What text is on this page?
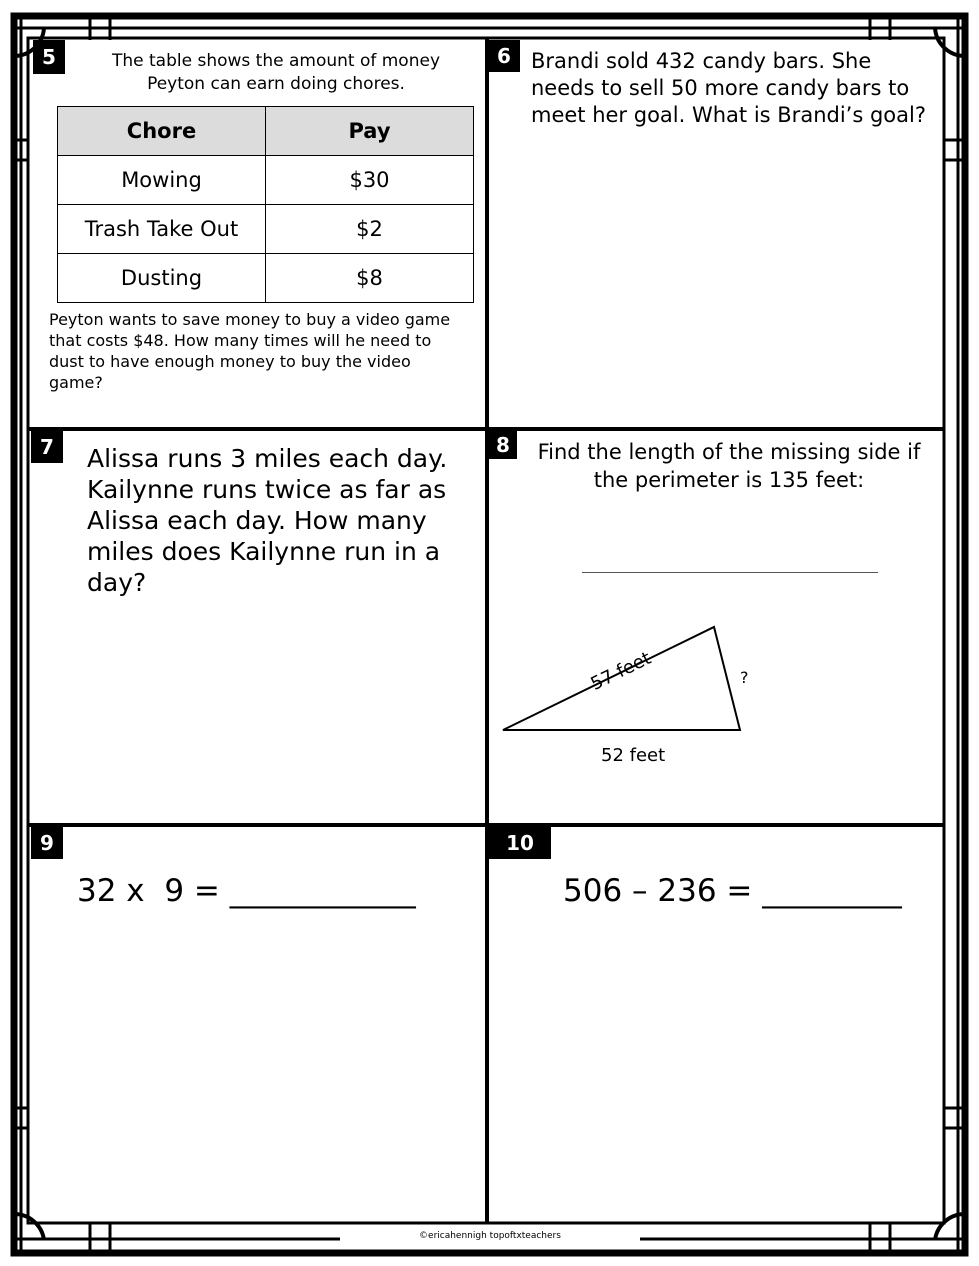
5	The table shows the amount of money Peyton can earn doing chores.
Chore	Pay
Mowing	$30
Trash Take Out	$2
Dusting	$8
Peyton wants to save money to buy a video game that costs $48. How many times will he need to dust to have enough money to buy the video game?
6 Brandi sold 432 candy bars. She needs to sell 50 more candy bars to meet her goal. What is Brandi’s goal?
7	Alissa runs 3 miles each day. Kailynne runs twice as far as Alissa each day. How many miles does Kailynne run in a day?
8	Find the length of the missing side if the perimeter is 135 feet:
57 feet	?
52 feet
9
32 x  9 = ____________
10
506 – 236 = _________
©ericahennigh topoftxteachers
